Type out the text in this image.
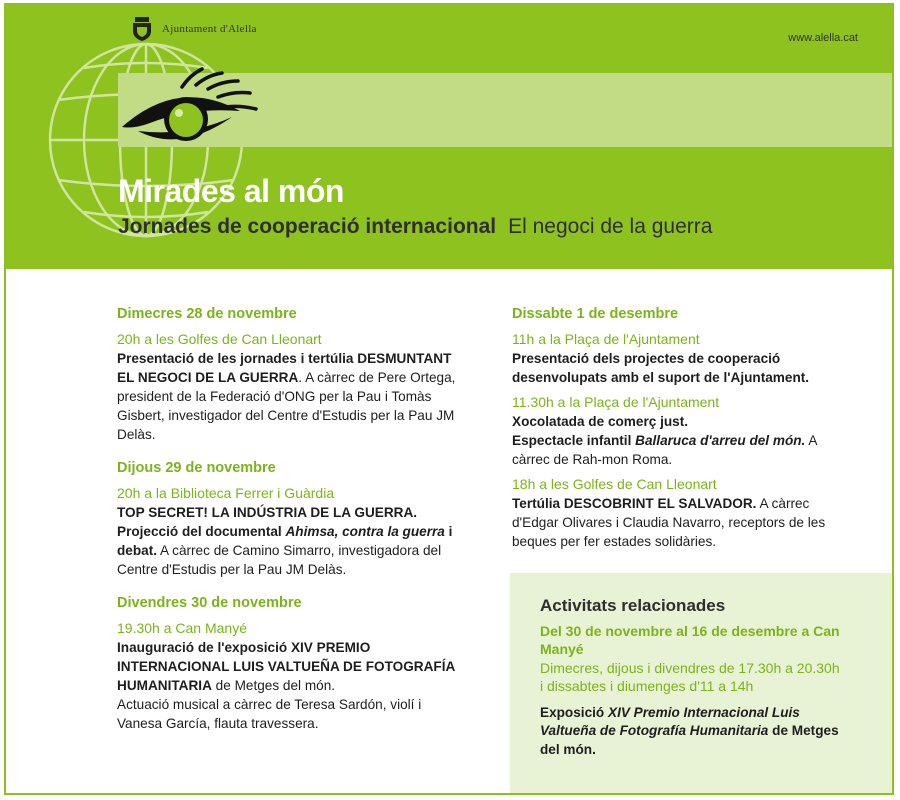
Ajuntament d'Alella
www.alella.cat
Mirades al món
Jornades de cooperació internacional El negoci de la guerra

Dimecres 28 de novembre

20h a les Golfes de Can Lleonart

Presentació de les jornades i tertúlia DESMUNTANT EL NEGOCI DE LA GUERRA. A càrrec de Pere Ortega, president de la Federació d'ONG per la Pau i Tomàs Gisbert, investigador del Centre d'Estudis per la Pau JM Delàs.

Dijous 29 de novembre

20h a la Biblioteca Ferrer i Guàrdia

TOP SECRET! LA INDÚSTRIA DE LA GUERRA.
Projecció del documental Ahimsa, contra la guerra i debat. A càrrec de Camino Simarro, investigadora del Centre d'Estudis per la Pau JM Delàs.

Divendres 30 de novembre

19.30h a Can Manyé

Inauguració de l'exposició XIV PREMIO INTERNACIONAL LUIS VALTUEÑA DE FOTOGRAFÍA HUMANITARIA de Metges del món.
Actuació musical a càrrec de Teresa Sardón, violí i Vanesa García, flauta travessera.

Dissabte 1 de desembre

11h a la Plaça de l'Ajuntament

Presentació dels projectes de cooperació desenvolupats amb el suport de l'Ajuntament.

11.30h a la Plaça de l'Ajuntament

Xocolatada de comerç just.
Espectacle infantil Ballaruca d'arreu del món. A càrrec de Rah-mon Roma.

18h a les Golfes de Can Lleonart

Tertúlia DESCOBRINT EL SALVADOR. A càrrec d'Edgar Olivares i Claudia Navarro, receptors de les beques per fer estades solidàries.

Activitats relacionades

Del 30 de novembre al 16 de desembre a Can Manyé

Dimecres, dijous i divendres de 17.30h a 20.30h i dissabtes i diumenges d'11 a 14h

Exposició XIV Premio Internacional Luis Valtueña de Fotografía Humanitaria de Metges del món.
